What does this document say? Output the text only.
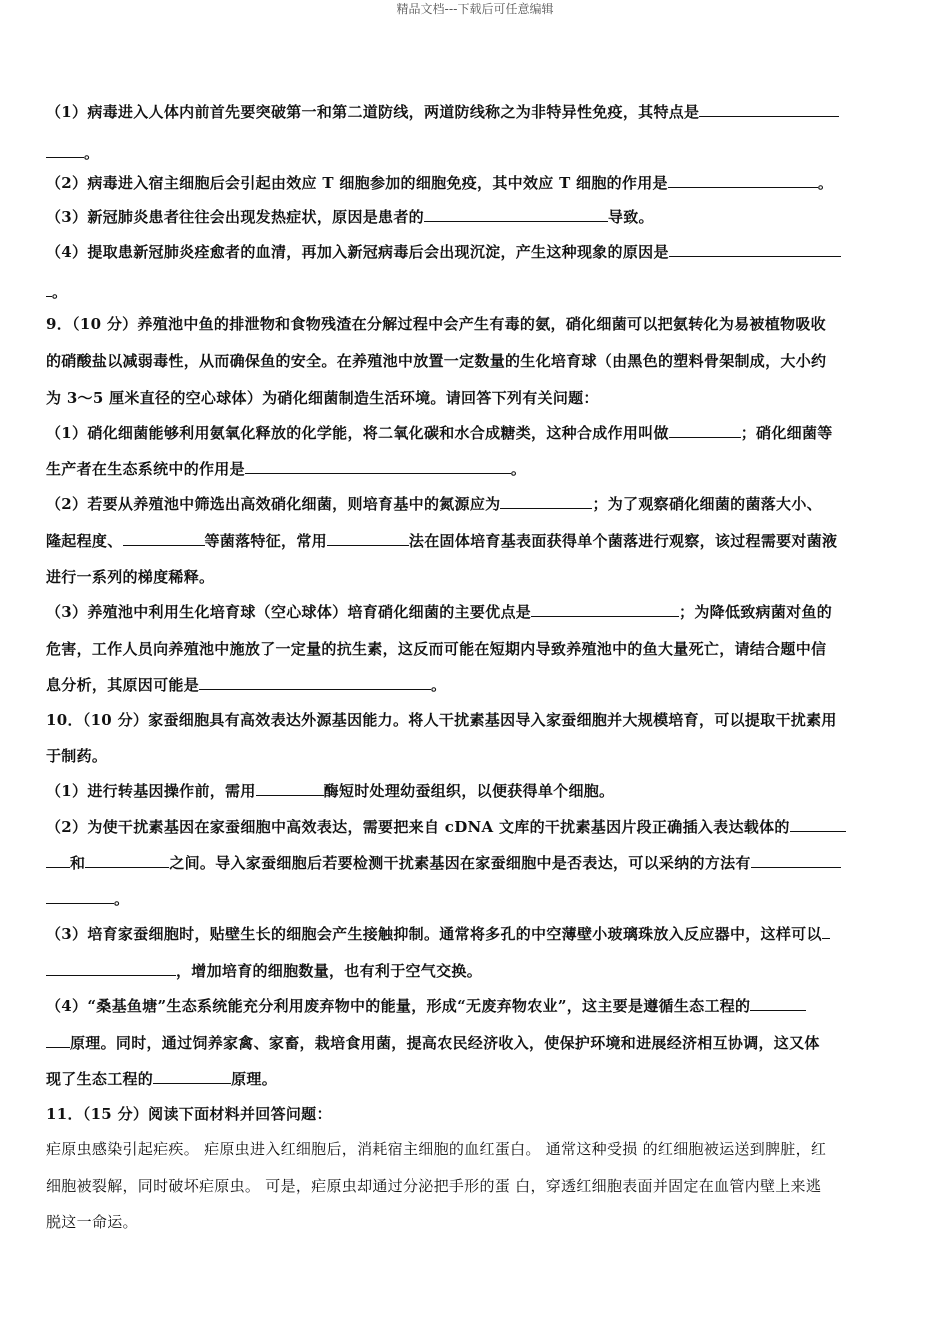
精品文档---下载后可任意编辑
（1）病毒进入人体内前首先要突破第一和第二道防线，两道防线称之为非特异性免疫，其特点是
。
（2）病毒进入宿主细胞后会引起由效应 T 细胞参加的细胞免疫，其中效应 T 细胞的作用是	。
（3）新冠肺炎患者往往会出现发热症状，原因是患者的	导致。
（4）提取患新冠肺炎痊愈者的血清，再加入新冠病毒后会出现沉淀，产生这种现象的原因是
。
9．（10 分）养殖池中鱼的排泄物和食物残渣在分解过程中会产生有毒的氨，硝化细菌可以把氨转化为易被植物吸收
的硝酸盐以减弱毒性，从而确保鱼的安全。在养殖池中放置一定数量的生化培育球（由黑色的塑料骨架制成，大小约
为 3～5 厘米直径的空心球体）为硝化细菌制造生活环境。请回答下列有关问题：
（1）硝化细菌能够利用氨氧化释放的化学能，将二氧化碳和水合成糖类，这种合成作用叫做	；硝化细菌等
生产者在生态系统中的作用是	。
（2）若要从养殖池中筛选出高效硝化细菌，则培育基中的氮源应为	；为了观察硝化细菌的菌落大小、
隆起程度、	等菌落特征，常用	法在固体培育基表面获得单个菌落进行观察，该过程需要对菌液
进行一系列的梯度稀释。
（3）养殖池中利用生化培育球（空心球体）培育硝化细菌的主要优点是	；为降低致病菌对鱼的
危害，工作人员向养殖池中施放了一定量的抗生素，这反而可能在短期内导致养殖池中的鱼大量死亡，请结合题中信
息分析，其原因可能是	。
10．（10 分）家蚕细胞具有高效表达外源基因能力。将人干扰素基因导入家蚕细胞并大规模培育，可以提取干扰素用
于制药。
（1）进行转基因操作前，需用	酶短时处理幼蚕组织，以便获得单个细胞。
（2）为使干扰素基因在家蚕细胞中高效表达，需要把来自 cDNA 文库的干扰素基因片段正确插入表达载体的
和	之间。导入家蚕细胞后若要检测干扰素基因在家蚕细胞中是否表达，可以采纳的方法有
。
（3）培育家蚕细胞时，贴壁生长的细胞会产生接触抑制。通常将多孔的中空薄壁小玻璃珠放入反应器中，这样可以
，增加培育的细胞数量，也有利于空气交换。
（4）“桑基鱼塘”生态系统能充分利用废弃物中的能量，形成“无废弃物农业”，这主要是遵循生态工程的
原理。同时，通过饲养家禽、家畜，栽培食用菌，提高农民经济收入，使保护环境和进展经济相互协调，这又体
现了生态工程的	原理。
11．（15 分）阅读下面材料并回答问题：
疟原虫感染引起疟疾。 疟原虫进入红细胞后，消耗宿主细胞的血红蛋白。 通常这种受损 的红细胞被运送到脾脏，红
细胞被裂解，同时破坏疟原虫。 可是，疟原虫却通过分泌把手形的蛋 白，穿透红细胞表面并固定在血管内壁上来逃
脱这一命运。
